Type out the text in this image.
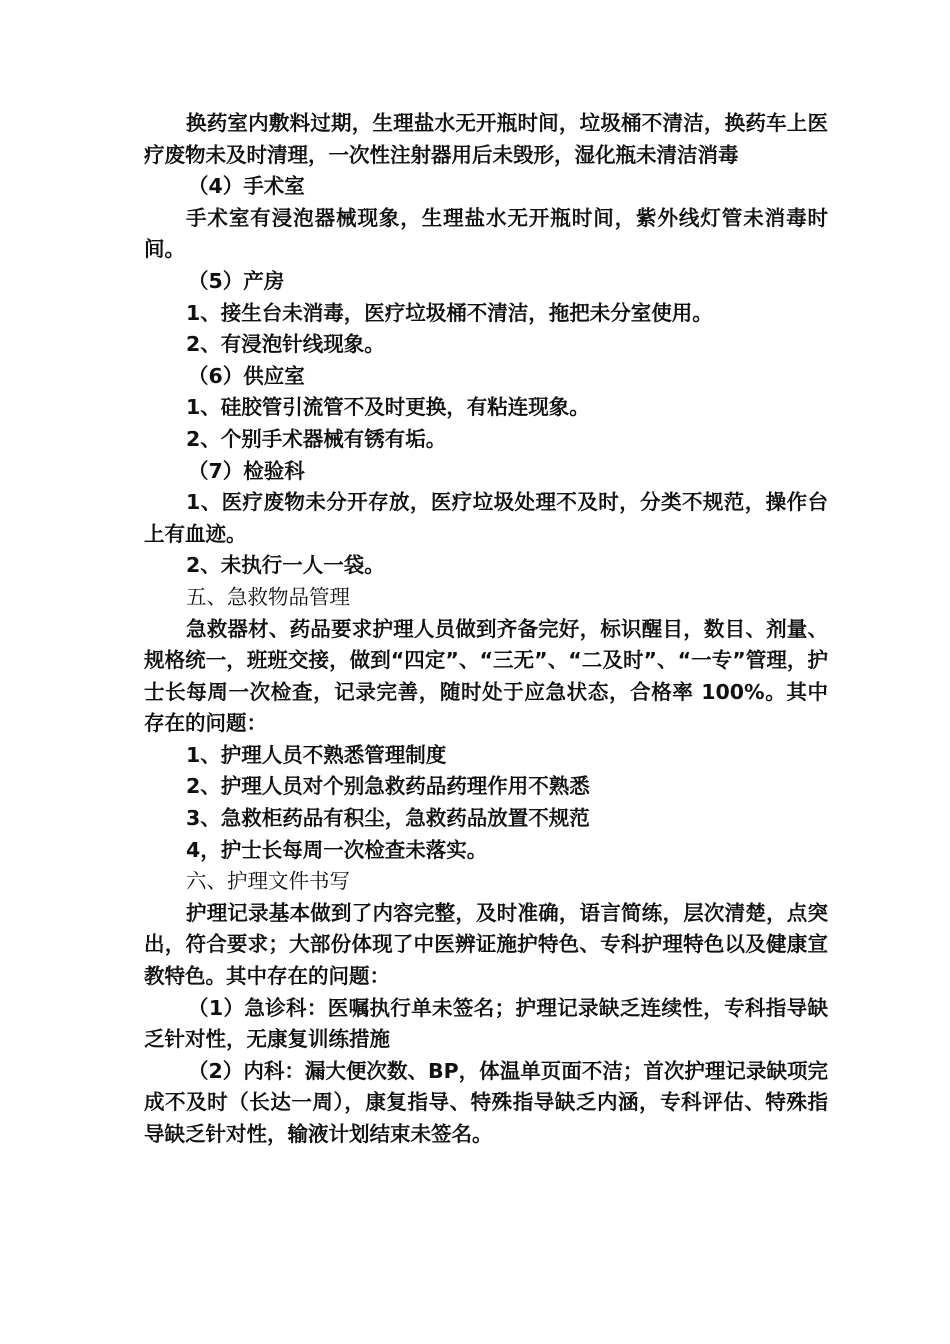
换药室内敷料过期，生理盐水无开瓶时间，垃圾桶不清洁，换药车上医疗废物未及时清理，一次性注射器用后未毁形，湿化瓶未清洁消毒

（4）手术室

手术室有浸泡器械现象，生理盐水无开瓶时间，紫外线灯管未消毒时间。

（5）产房

1、接生台未消毒，医疗垃圾桶不清洁，拖把未分室使用。

2、有浸泡针线现象。

（6）供应室

1、硅胶管引流管不及时更换，有粘连现象。

2、个别手术器械有锈有垢。

（7）检验科

1、医疗废物未分开存放，医疗垃圾处理不及时，分类不规范，操作台上有血迹。

2、未执行一人一袋。

五、急救物品管理

急救器材、药品要求护理人员做到齐备完好，标识醒目，数目、剂量、规格统一，班班交接，做到“四定”、“三无”、“二及时”、“一专”管理，护士长每周一次检查，记录完善，随时处于应急状态，合格率 100%。其中存在的问题：

1、护理人员不熟悉管理制度

2、护理人员对个别急救药品药理作用不熟悉

3、急救柜药品有积尘，急救药品放置不规范

4，护士长每周一次检查未落实。

六、护理文件书写

护理记录基本做到了内容完整，及时准确，语言简练，层次清楚，点突出，符合要求；大部份体现了中医辨证施护特色、专科护理特色以及健康宣教特色。其中存在的问题：

（1）急诊科：医嘱执行单未签名；护理记录缺乏连续性，专科指导缺乏针对性，无康复训练措施

（2）内科：漏大便次数、BP，体温单页面不洁；首次护理记录缺项完成不及时（长达一周），康复指导、特殊指导缺乏内涵，专科评估、特殊指导缺乏针对性，输液计划结束未签名。
